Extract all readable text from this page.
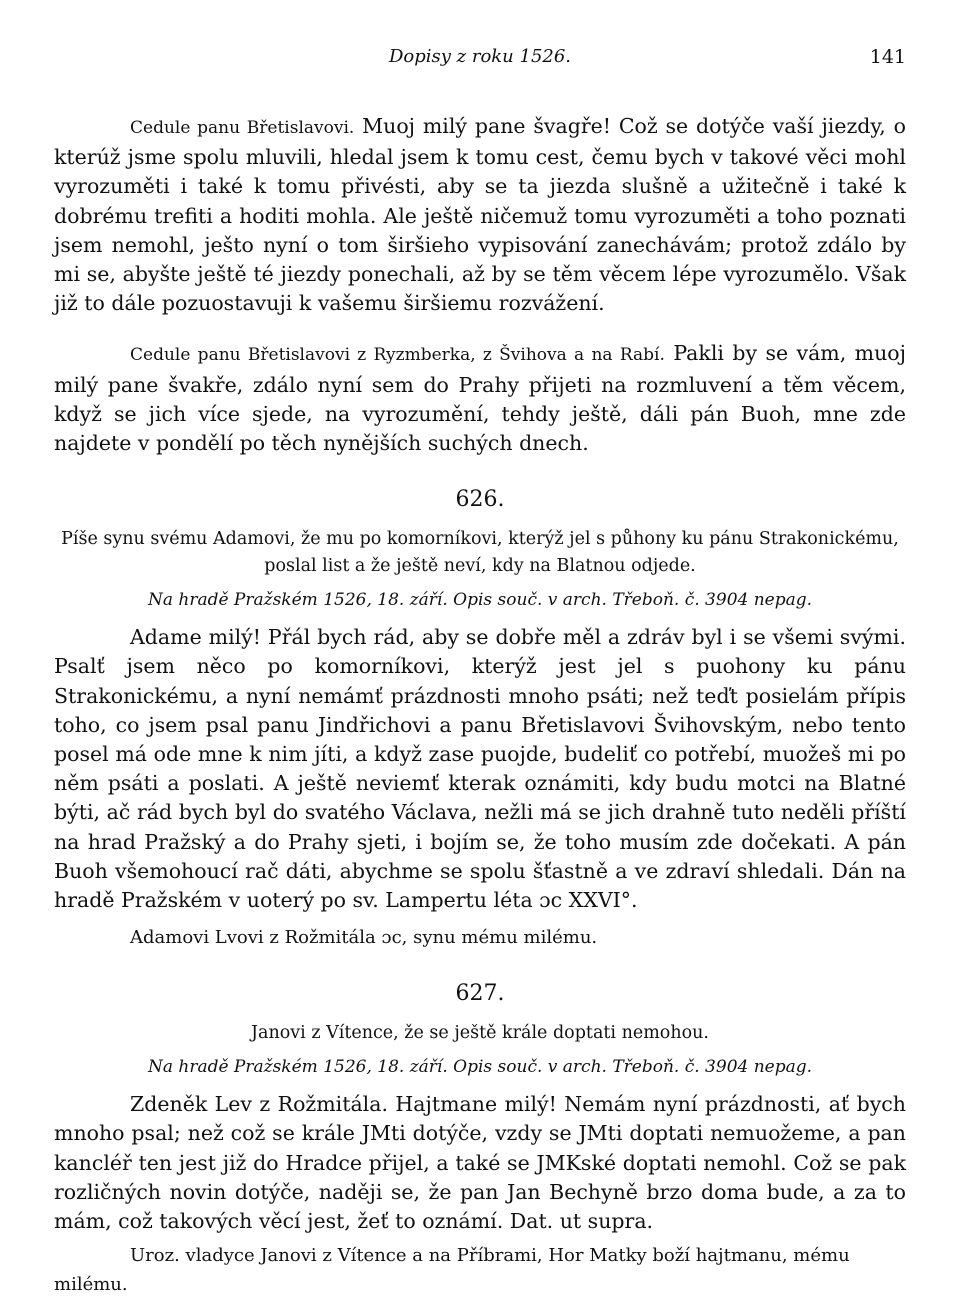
Dopisy z roku 1526.	141

Cedule panu Břetislavovi. Muoj milý pane švagře! Což se dotýče vaší jiezdy, o kterúž jsme spolu mluvili, hledal jsem k tomu cest, čemu bych v takové věci mohl vyrozuměti i také k tomu přivésti, aby se ta jiezda slušně a užitečně i také k dobrému trefiti a hoditi mohla. Ale ještě ničemuž tomu vyrozuměti a toho poznati jsem nemohl, ješto nyní o tom širšieho vypisování zanechávám; protož zdálo by mi se, abyšte ještě té jiezdy ponechali, až by se těm věcem lépe vyrozumělo. Však již to dále pozuostavuji k vašemu širšiemu rozvážení.

Cedule panu Břetislavovi z Ryzmberka, z Švihova a na Rabí. Pakli by se vám, muoj milý pane švakře, zdálo nyní sem do Prahy přijeti na rozmluvení a těm věcem, když se jich více sjede, na vyrozumění, tehdy ještě, dáli pán Buoh, mne zde najdete v pondělí po těch nynějších suchých dnech.

626.

Píše synu svému Adamovi, že mu po komorníkovi, kterýž jel s půhony ku pánu Strakonickému, poslal list a že ještě neví, kdy na Blatnou odjede.

Na hradě Pražském 1526, 18. září. Opis souč. v arch. Třeboň. č. 3904 nepag.

Adame milý! Přál bych rád, aby se dobře měl a zdráv byl i se všemi svými. Psalť jsem něco po komorníkovi, kterýž jest jel s puohony ku pánu Strakonickému, a nyní nemámť prázdnosti mnoho psáti; než teďt posielám přípis toho, co jsem psal panu Jindřichovi a panu Břetislavovi Švihovským, nebo tento posel má ode mne k nim jíti, a když zase puojde, budeliť co potřebí, muožeš mi po něm psáti a poslati. A ještě neviemť kterak oznámiti, kdy budu motci na Blatné býti, ač rád bych byl do svatého Václava, nežli má se jich drahně tuto neděli příští na hrad Pražský a do Prahy sjeti, i bojím se, že toho musím zde dočekati. A pán Buoh všemohoucí rač dáti, abychme se spolu šťastně a ve zdraví shledali. Dán na hradě Pražském v uoterý po sv. Lampertu léta ɔc XXVI°.

Adamovi Lvovi z Rožmitála ɔc, synu mému milému.

627.

Janovi z Vítence, že se ještě krále doptati nemohou.

Na hradě Pražském 1526, 18. září. Opis souč. v arch. Třeboň. č. 3904 nepag.

Zdeněk Lev z Rožmitála. Hajtmane milý! Nemám nyní prázdnosti, ať bych mnoho psal; než což se krále JMti dotýče, vzdy se JMti doptati nemuožeme, a pan kancléř ten jest již do Hradce přijel, a také se JMKské doptati nemohl. Což se pak rozličných novin dotýče, naději se, že pan Jan Bechyně brzo doma bude, a za to mám, což takových věcí jest, žeť to oznámí. Dat. ut supra.

Uroz. vladyce Janovi z Vítence a na Příbrami, Hor Matky boží hajtmanu, mému milému.
